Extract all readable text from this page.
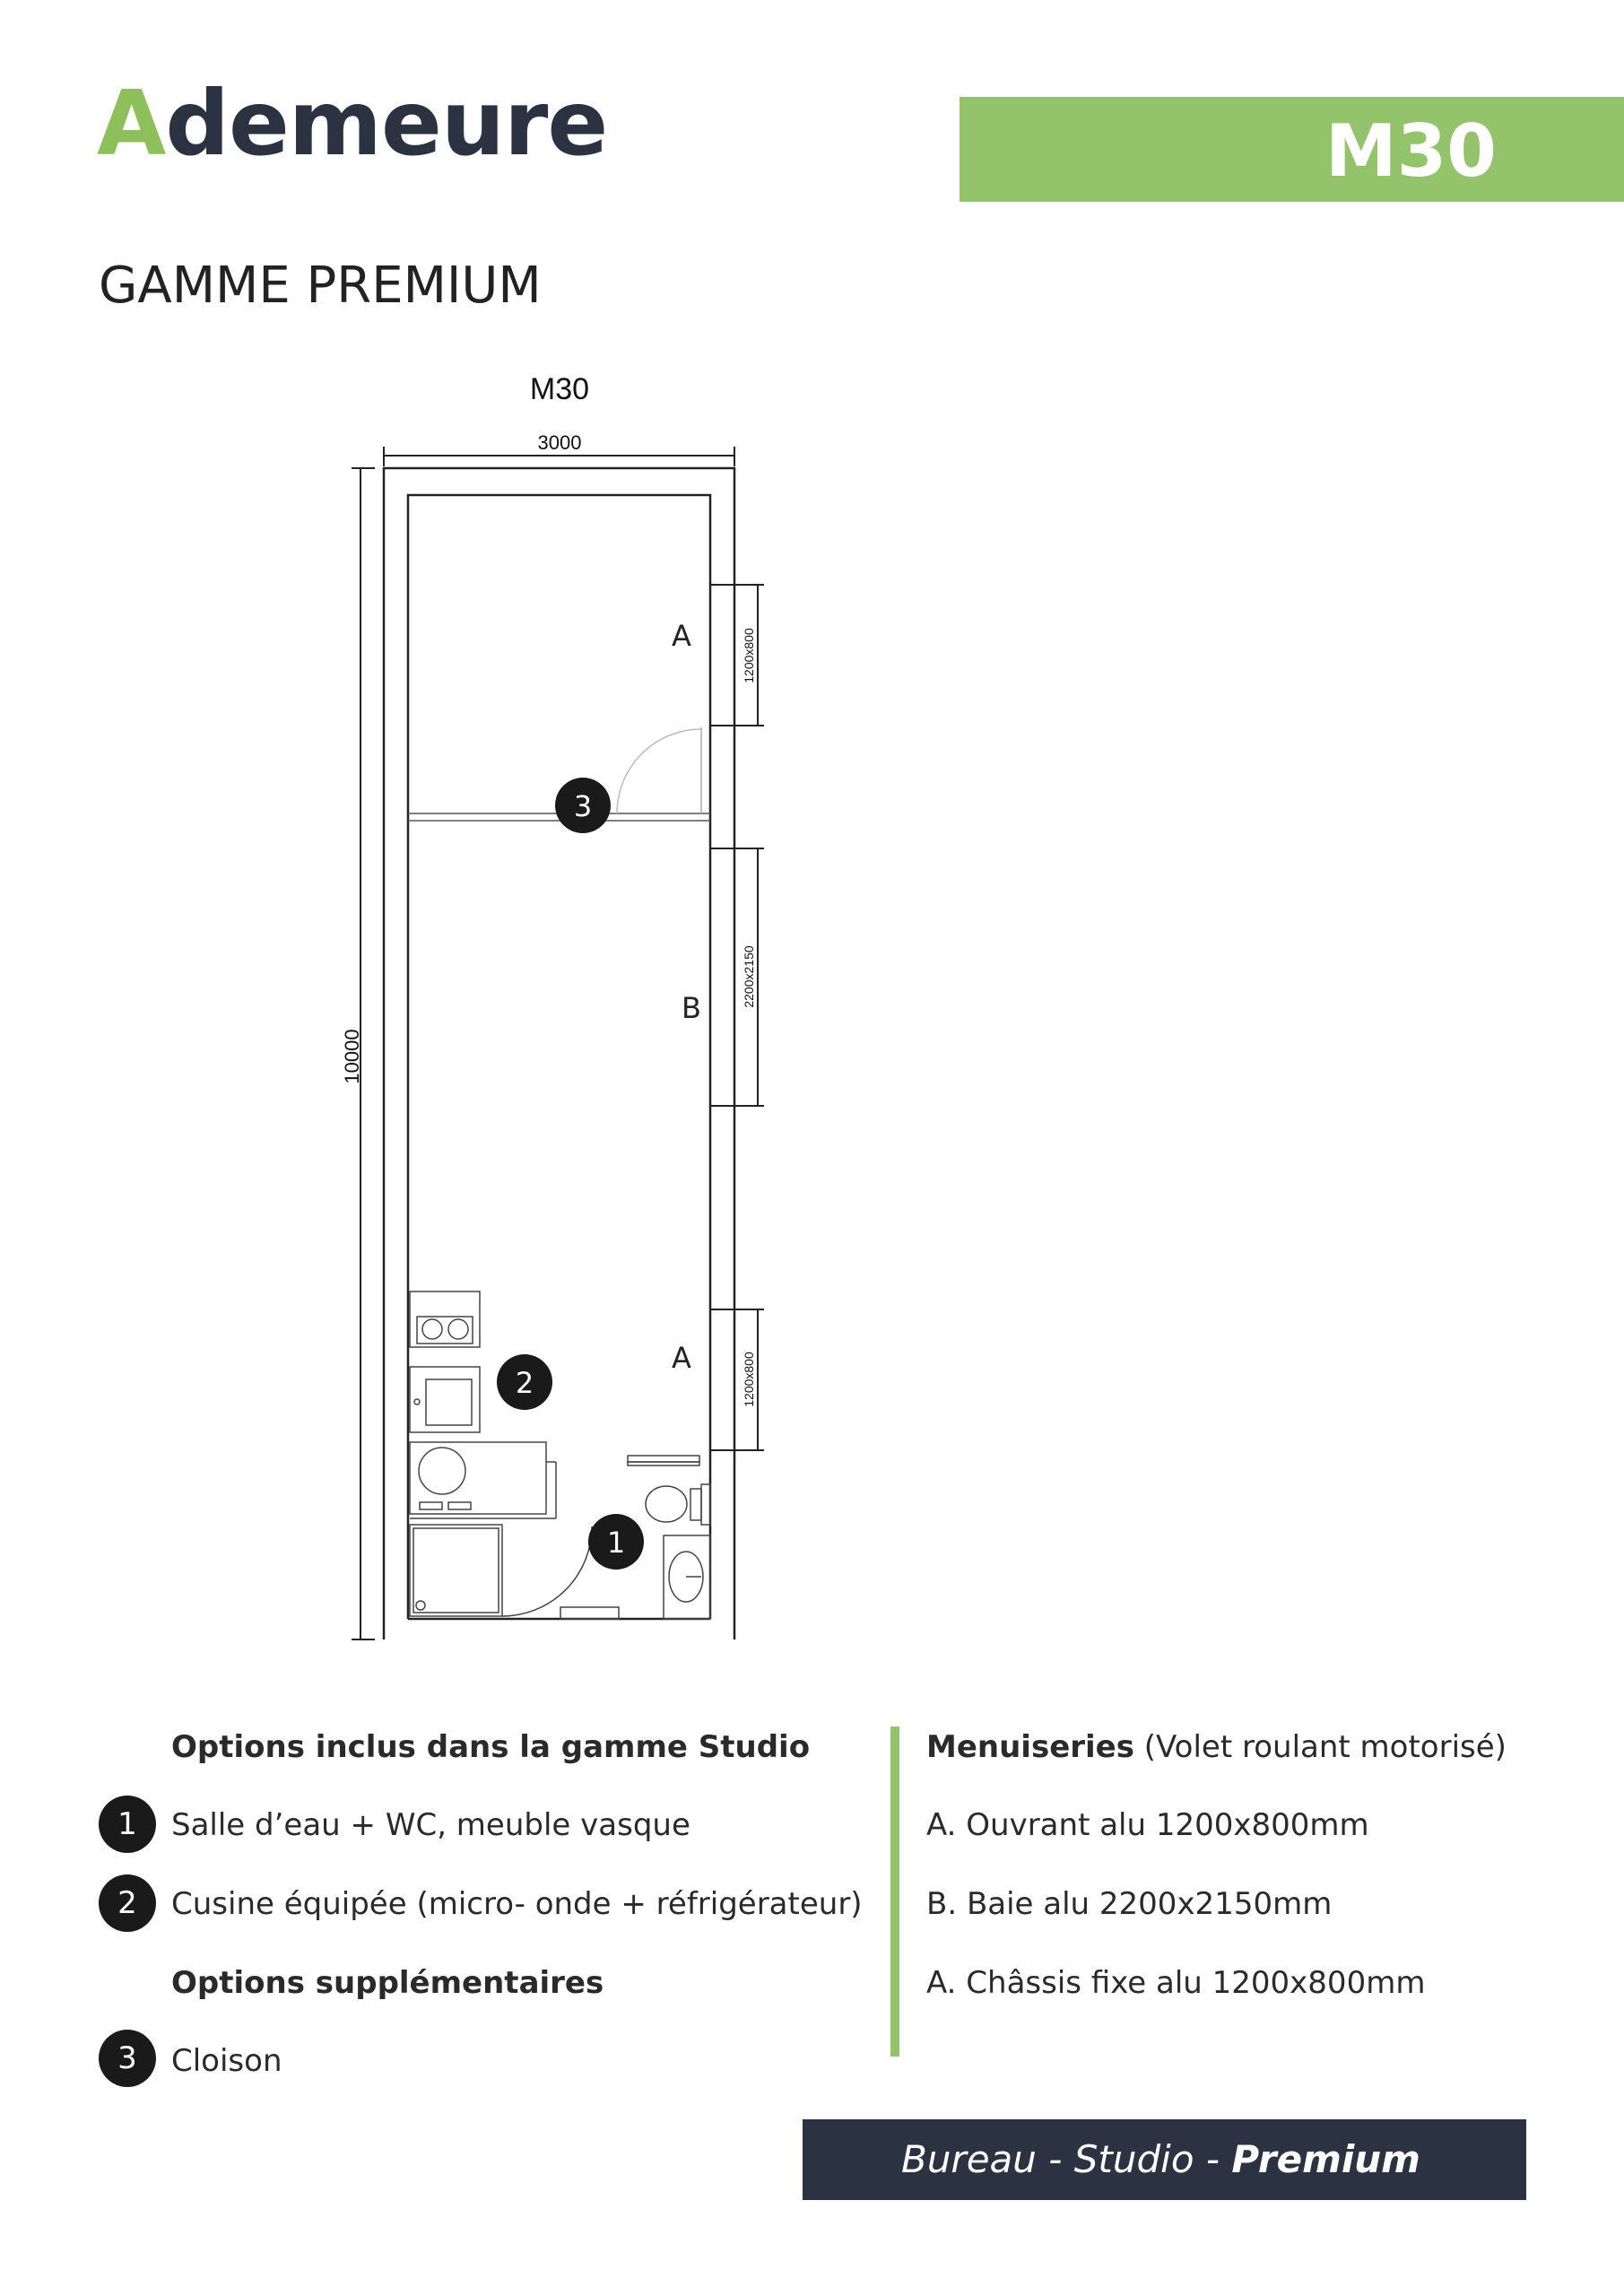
Ademeure	M30
GAMME PREMIUM
M30
3000
10000
1200x800
2200x2150
1200x800
A
B
A
3
2
1
Options inclus dans la gamme Studio
1	Salle d’eau + WC, meuble vasque
2	Cusine équipée (micro- onde + réfrigérateur)
Options supplémentaires
3	Cloison
Menuiseries (Volet roulant motorisé)
A. Ouvrant alu 1200x800mm
B. Baie alu 2200x2150mm
A. Châssis fixe alu 1200x800mm
Bureau - Studio - Premium
